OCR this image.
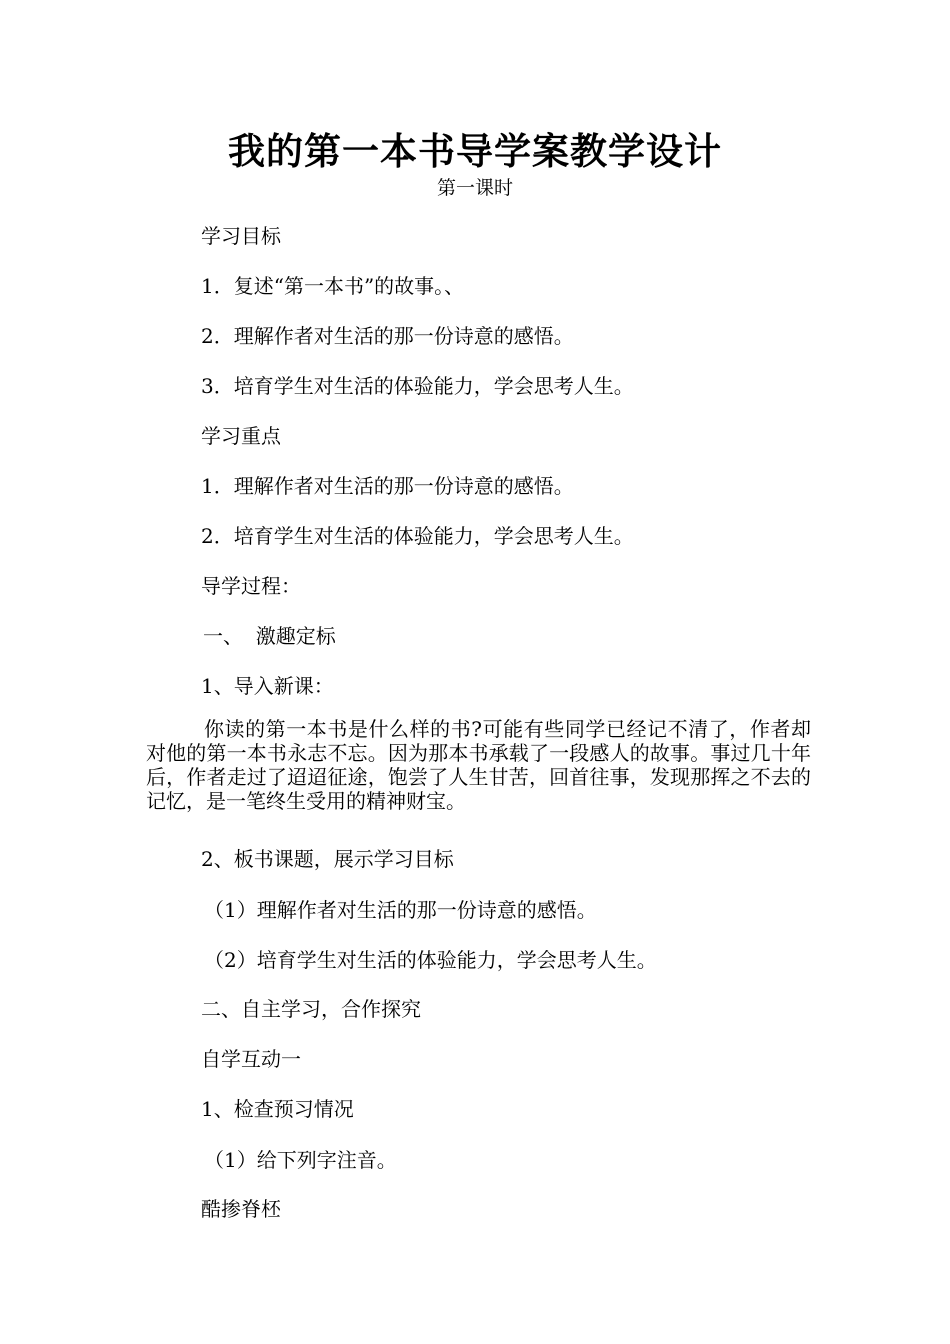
我的第一本书导学案教学设计
第一课时
学习目标
1．复述“第一本书”的故事。、
2．理解作者对生活的那一份诗意的感悟。
3．培育学生对生活的体验能力，学会思考人生。
学习重点
1．理解作者对生活的那一份诗意的感悟。
2．培育学生对生活的体验能力，学会思考人生。
导学过程：
一、  激趣定标
1、导入新课：
你读的第一本书是什么样的书?可能有些同学已经记不清了，作者却对他的第一本书永志不忘。因为那本书承载了一段感人的故事。事过几十年后，作者走过了迢迢征途，饱尝了人生甘苦，回首往事，发现那挥之不去的记忆，是一笔终生受用的精神财宝。
2、板书课题，展示学习目标
（1）理解作者对生活的那一份诗意的感悟。
（2）培育学生对生活的体验能力，学会思考人生。
二、自主学习，合作探究
自学互动一
1、检查预习情况
（1）给下列字注音。
酷掺脊柸
